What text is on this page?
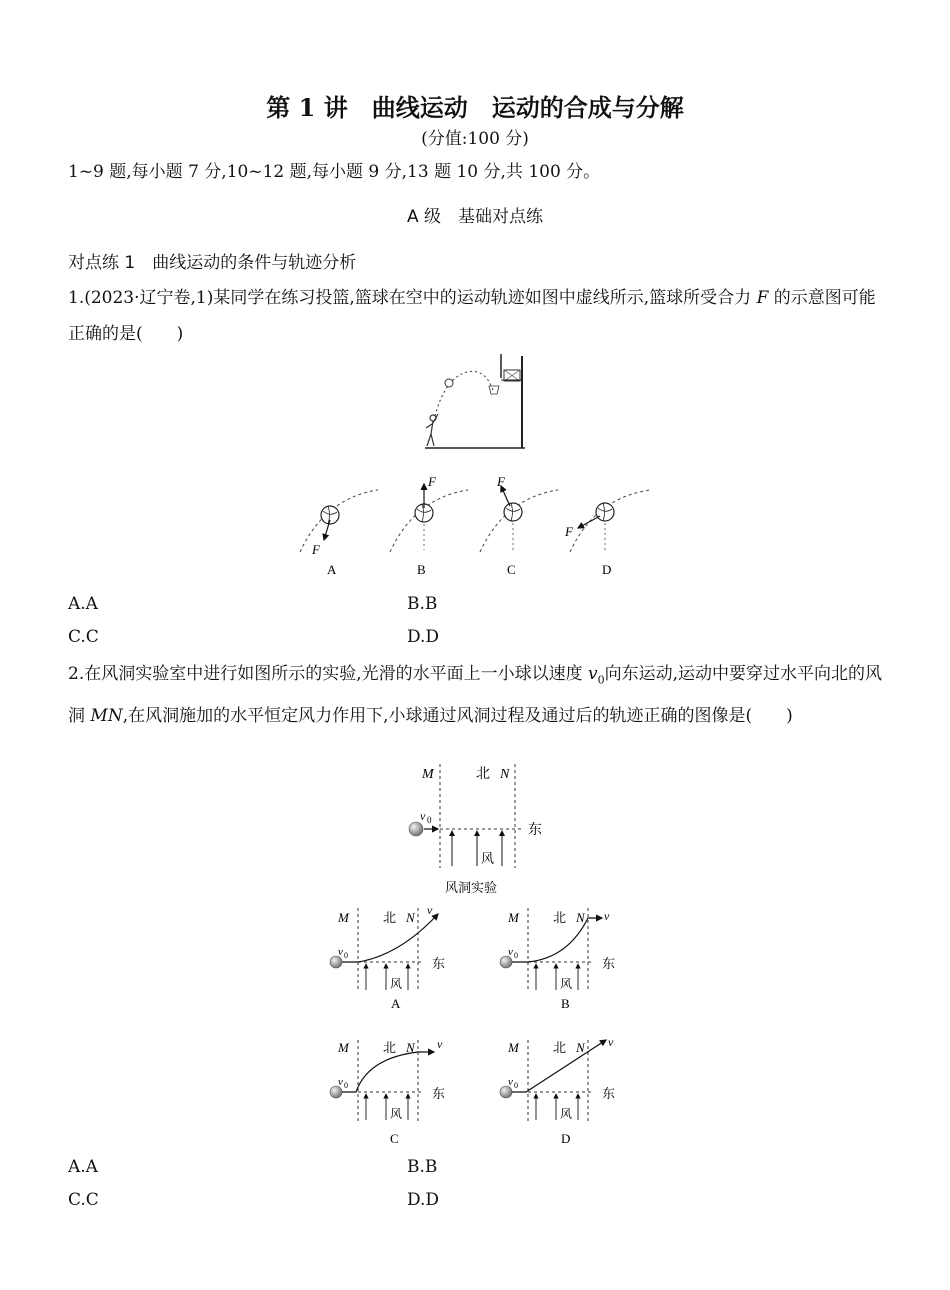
第 1 讲　曲线运动　运动的合成与分解
(分值:100 分)
1~9 题,每小题 7 分,10~12 题,每小题 9 分,13 题 10 分,共 100 分。
A 级　基础对点练
对点练 1　曲线运动的条件与轨迹分析
1.(2023·辽宁卷,1)某同学在练习投篮,篮球在空中的运动轨迹如图中虚线所示,篮球所受合力 F 的示意图可能正确的是(　　)
F
A
F
B
F
C
F
D
A.A	B.B
C.C	D.D
2.在风洞实验室中进行如图所示的实验,光滑的水平面上一小球以速度 $v_0$向东运动,运动中要穿过水平向北的风洞 MN,在风洞施加的水平恒定风力作用下,小球通过风洞过程及通过后的轨迹正确的图像是(　　)
M	北 N
v 0
东
风
风洞实验
M	北 N v
v 0
东
风
A
M	北 N v
v 0
东
风
B
M	北 N v
v 0
东
风
C
M	北 N v
v 0
东
风
D
A.A	B.B
C.C	D.D
